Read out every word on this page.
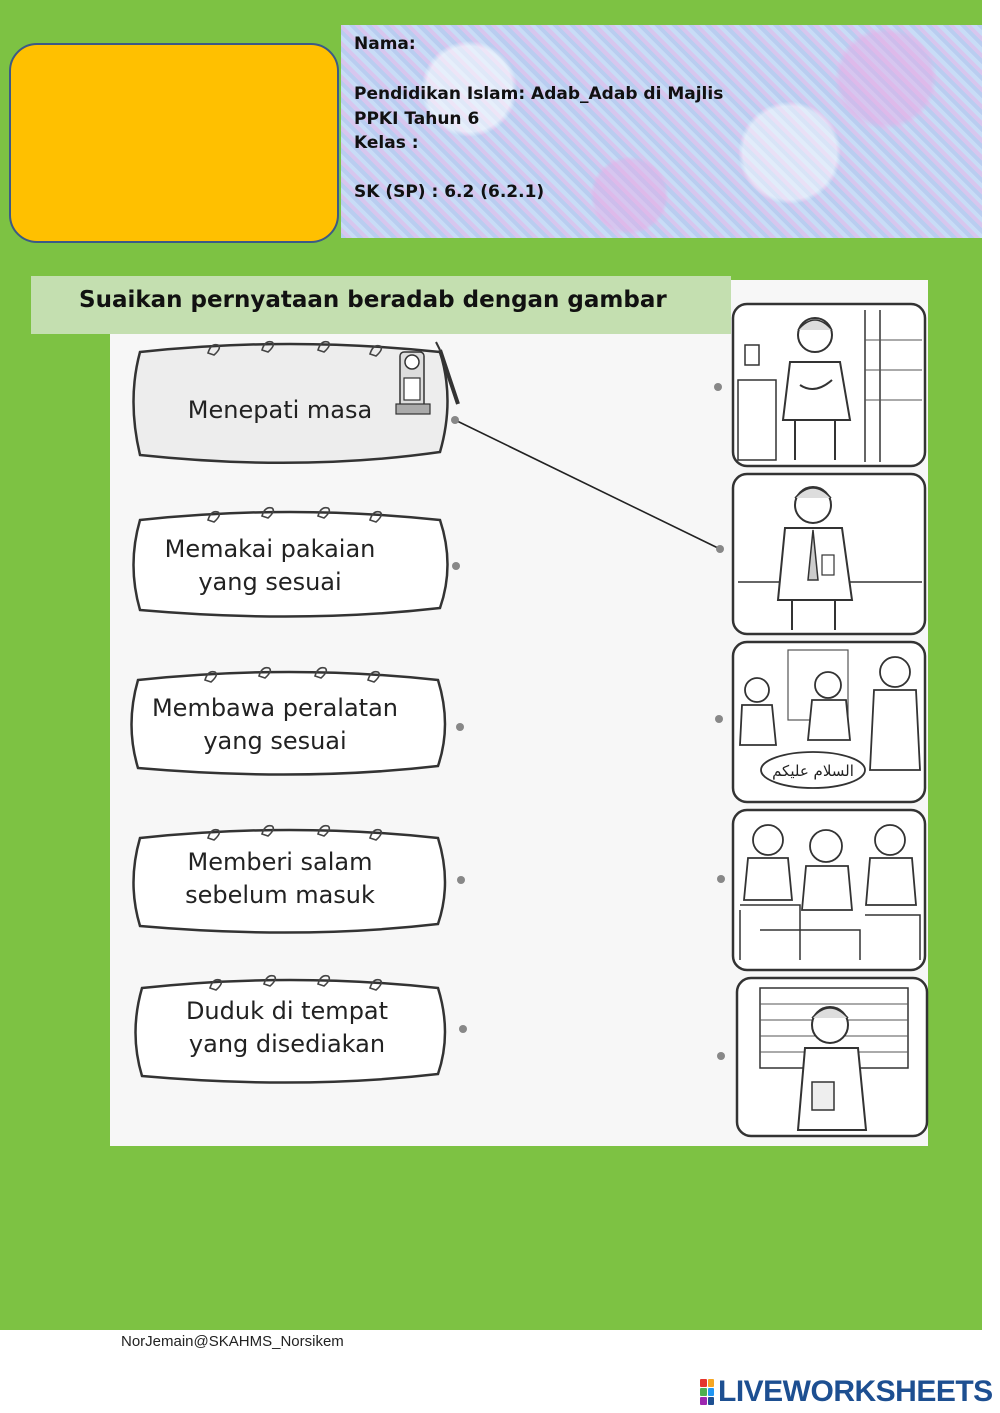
Nama:
Pendidikan Islam: Adab_Adab di Majlis
PPKI Tahun 6
Kelas :
SK (SP) : 6.2 (6.2.1)
Suaikan pernyataan beradab dengan gambar
Menepati masa
Memakai pakaian
yang sesuai
Membawa peralatan
yang sesuai
Memberi salam
sebelum masuk
Duduk di tempat
yang disediakan
السلام عليكم
NorJemain@SKAHMS_Norsikem
LIVEWORKSHEETS
